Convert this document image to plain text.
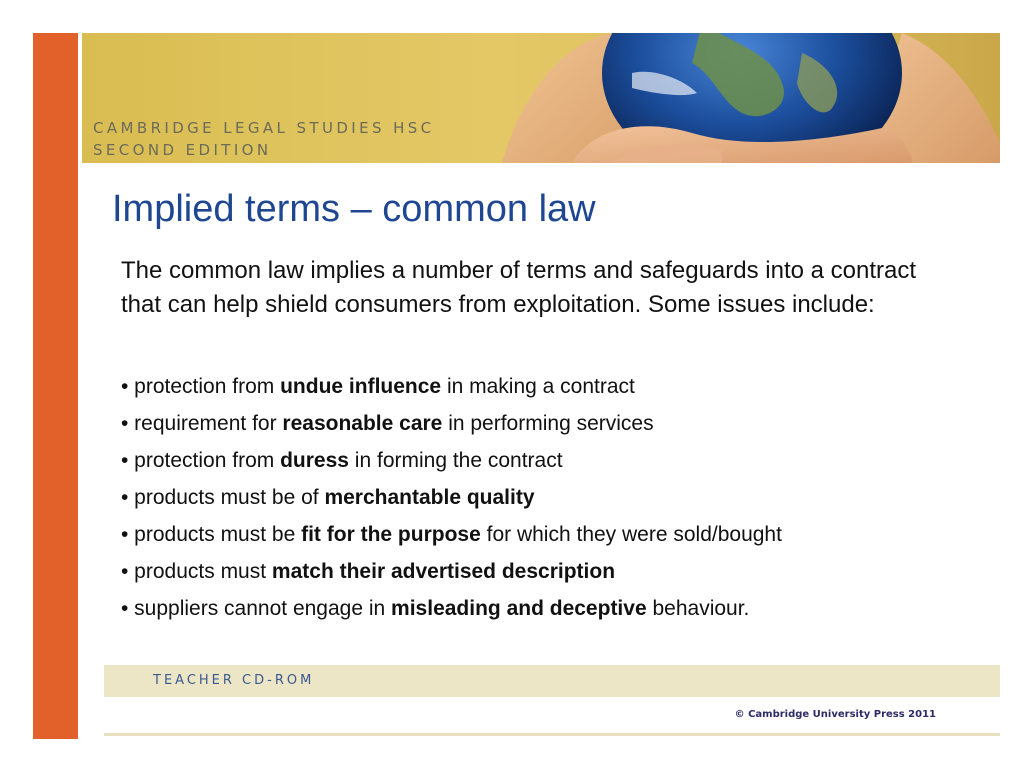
CAMBRIDGE LEGAL STUDIES HSC
SECOND EDITION
Implied terms – common law

The common law implies a number of terms and safeguards into a contract that can help shield consumers from exploitation. Some issues include:

• protection from undue influence in making a contract
• requirement for reasonable care in performing services
• protection from duress in forming the contract
• products must be of merchantable quality
• products must be fit for the purpose for which they were sold/bought
• products must match their advertised description
• suppliers cannot engage in misleading and deceptive behaviour.
TEACHER CD-ROM
© Cambridge University Press 2011
